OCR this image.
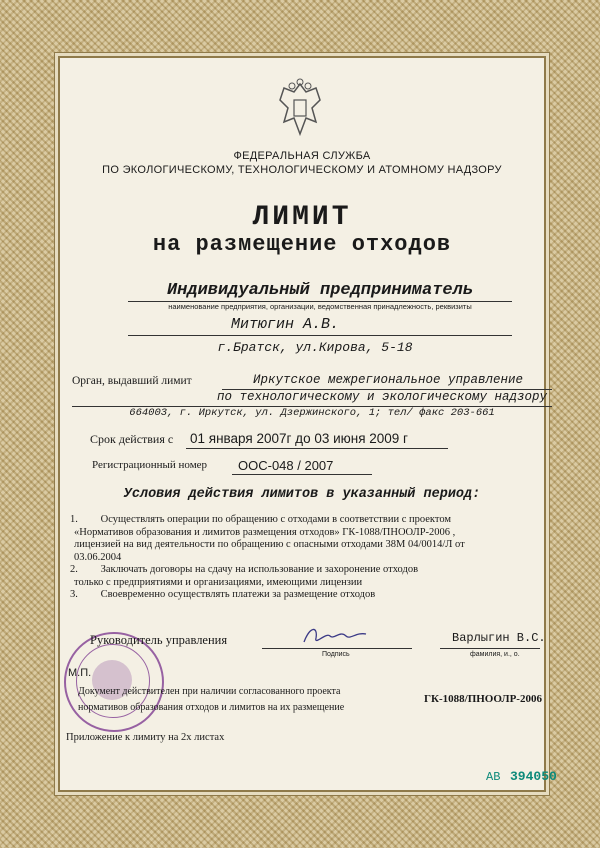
ФЕДЕРАЛЬНАЯ СЛУЖБА
ПО ЭКОЛОГИЧЕСКОМУ, ТЕХНОЛОГИЧЕСКОМУ И АТОМНОМУ НАДЗОРУ
ЛИМИТ
на размещение отходов
Индивидуальный предприниматель
наименование предприятия, организации, ведомственная принадлежность, реквизиты
Митюгин А.В.
г.Братск, ул.Кирова, 5-18
Орган, выдавший лимит	Иркутское межрегиональное управление
по технологическому и экологическому надзору
664003, г. Иркутск, ул. Дзержинского, 1; тел/ факс 203-661
Срок действия с 01 января 2007г до 03 июня 2009 г
Регистрационный номер ООС-048 / 2007
Условия действия лимитов в указанный период:
1. Осуществлять операции по обращению с отходами в соответствии с проектом
«Нормативов образования и лимитов размещения отходов» ГК-1088/ПНООЛР-2006 ,
лицензией на вид деятельности по обращению с опасными отходами 38М 04/0014/Л от
03.06.2004
2. Заключать договоры на сдачу на использование и захоронение отходов
только с предприятиями и организациями, имеющими лицензии
3. Своевременно осуществлять платежи за размещение отходов
Руководитель управления
Подпись
Варлыгин В.С.
фамилия, и., о.
М.П.
Документ действителен при наличии согласованного проекта
нормативов образования отходов и лимитов на их размещение
ГК-1088/ПНООЛР-2006
Приложение к лимиту на 2х листах
АВ 394050
